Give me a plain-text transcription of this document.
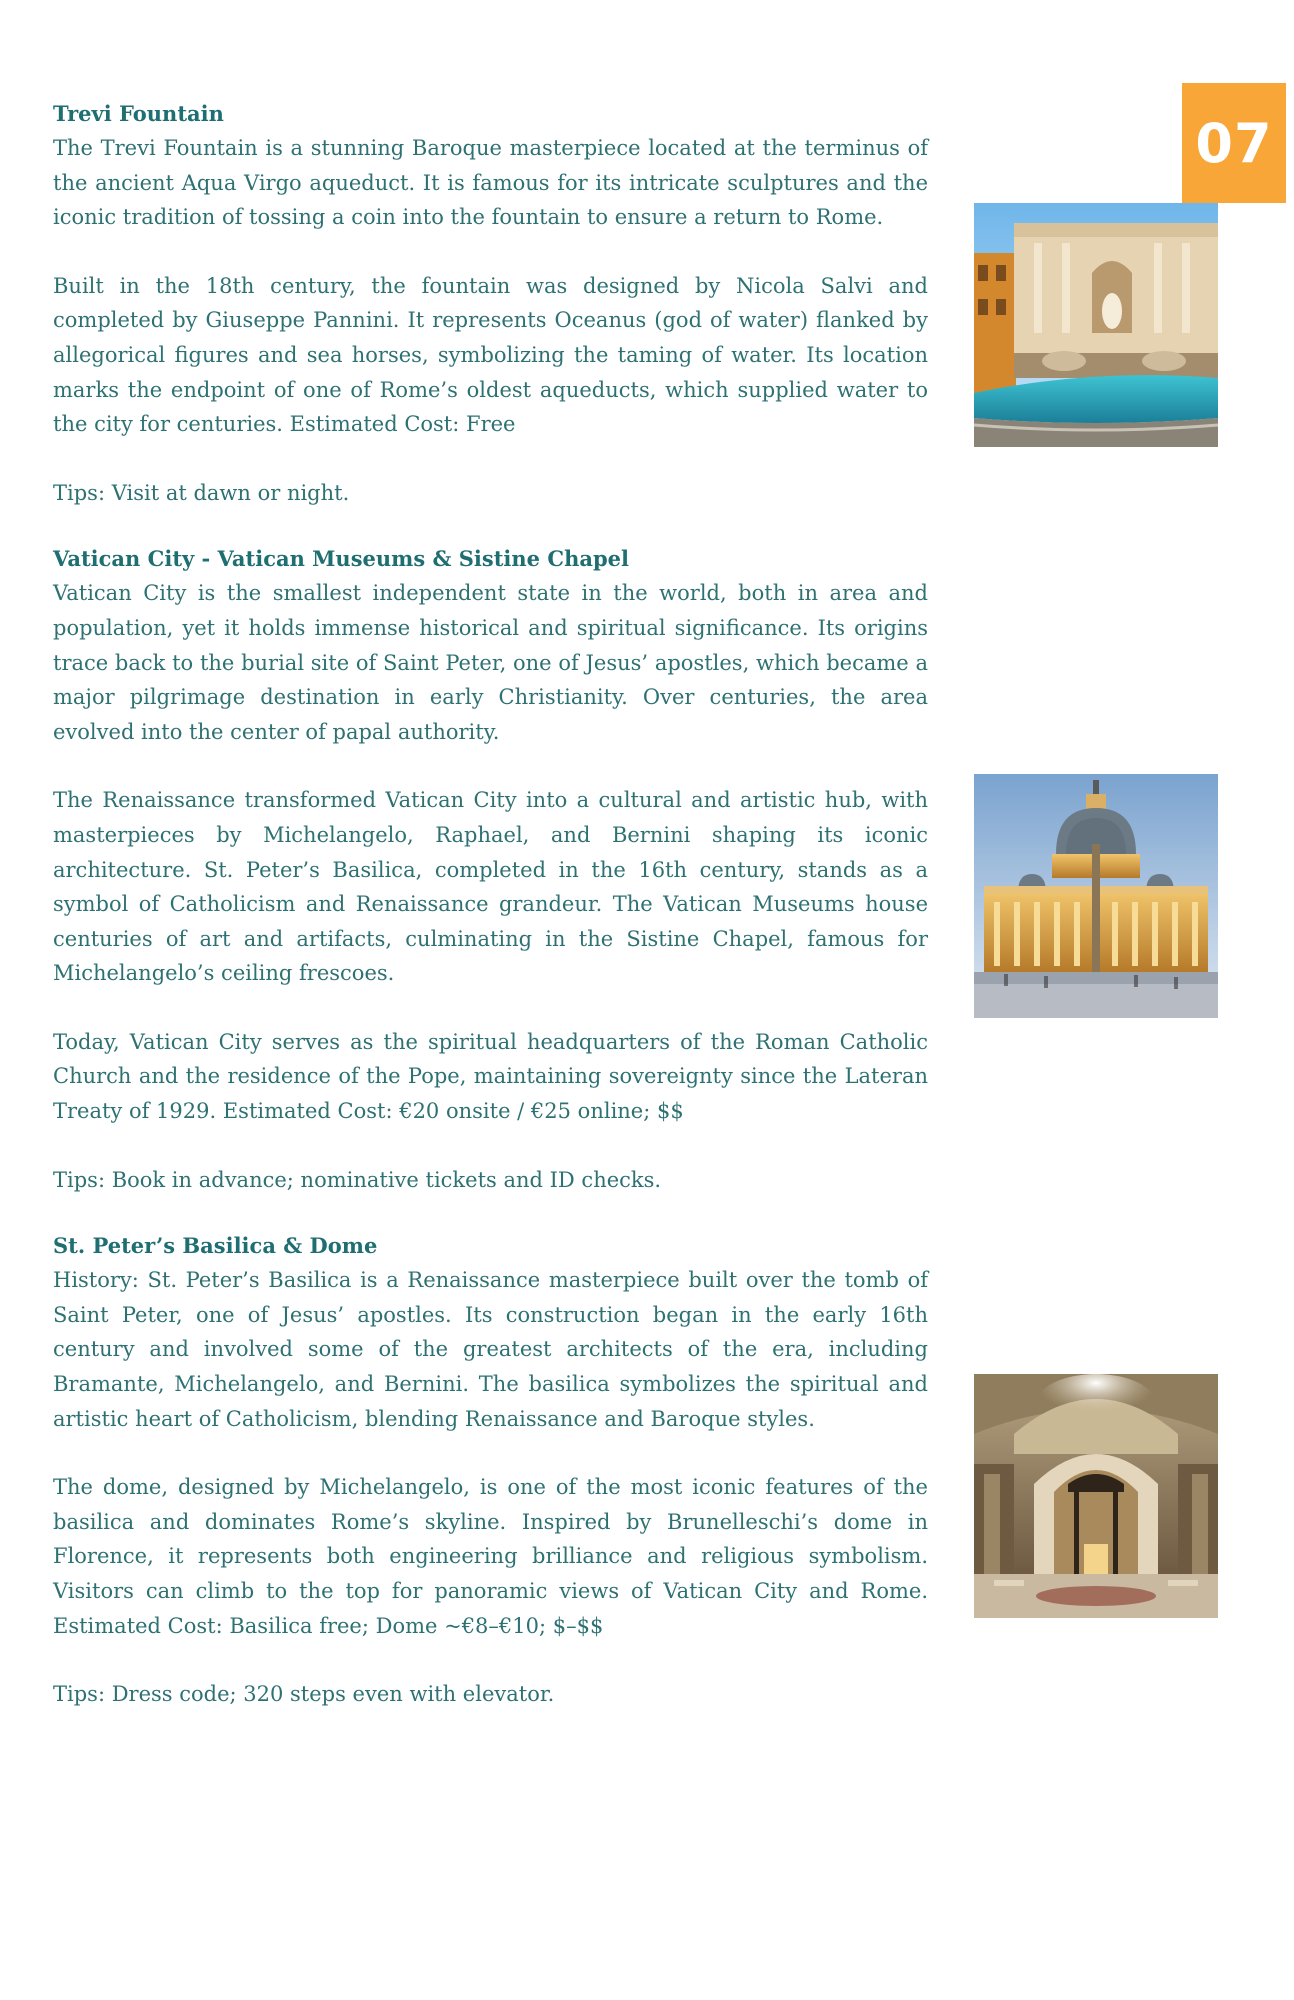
07
Trevi Fountain

The Trevi Fountain is a stunning Baroque masterpiece located at the terminus of the ancient Aqua Virgo aqueduct. It is famous for its intricate sculptures and the iconic tradition of tossing a coin into the fountain to ensure a return to Rome.

Built in the 18th century, the fountain was designed by Nicola Salvi and completed by Giuseppe Pannini. It represents Oceanus (god of water) flanked by allegorical figures and sea horses, symbolizing the taming of water. Its location marks the endpoint of one of Rome’s oldest aqueducts, which supplied water to the city for centuries. Estimated Cost: Free

Tips: Visit at dawn or night.

Vatican City - Vatican Museums & Sistine Chapel

Vatican City is the smallest independent state in the world, both in area and population, yet it holds immense historical and spiritual significance. Its origins trace back to the burial site of Saint Peter, one of Jesus’ apostles, which became a major pilgrimage destination in early Christianity. Over centuries, the area evolved into the center of papal authority.

The Renaissance transformed Vatican City into a cultural and artistic hub, with masterpieces by Michelangelo, Raphael, and Bernini shaping its iconic architecture. St. Peter’s Basilica, completed in the 16th century, stands as a symbol of Catholicism and Renaissance grandeur. The Vatican Museums house centuries of art and artifacts, culminating in the Sistine Chapel, famous for Michelangelo’s ceiling frescoes.

Today, Vatican City serves as the spiritual headquarters of the Roman Catholic Church and the residence of the Pope, maintaining sovereignty since the Lateran Treaty of 1929. Estimated Cost: €20 onsite / €25 online; $$

Tips: Book in advance; nominative tickets and ID checks.

St. Peter’s Basilica & Dome

History: St. Peter’s Basilica is a Renaissance masterpiece built over the tomb of Saint Peter, one of Jesus’ apostles. Its construction began in the early 16th century and involved some of the greatest architects of the era, including Bramante, Michelangelo, and Bernini. The basilica symbolizes the spiritual and artistic heart of Catholicism, blending Renaissance and Baroque styles.

The dome, designed by Michelangelo, is one of the most iconic features of the basilica and dominates Rome’s skyline. Inspired by Brunelleschi’s dome in Florence, it represents both engineering brilliance and religious symbolism. Visitors can climb to the top for panoramic views of Vatican City and Rome. Estimated Cost: Basilica free; Dome ~€8–€10; $–$$

Tips: Dress code; 320 steps even with elevator.
